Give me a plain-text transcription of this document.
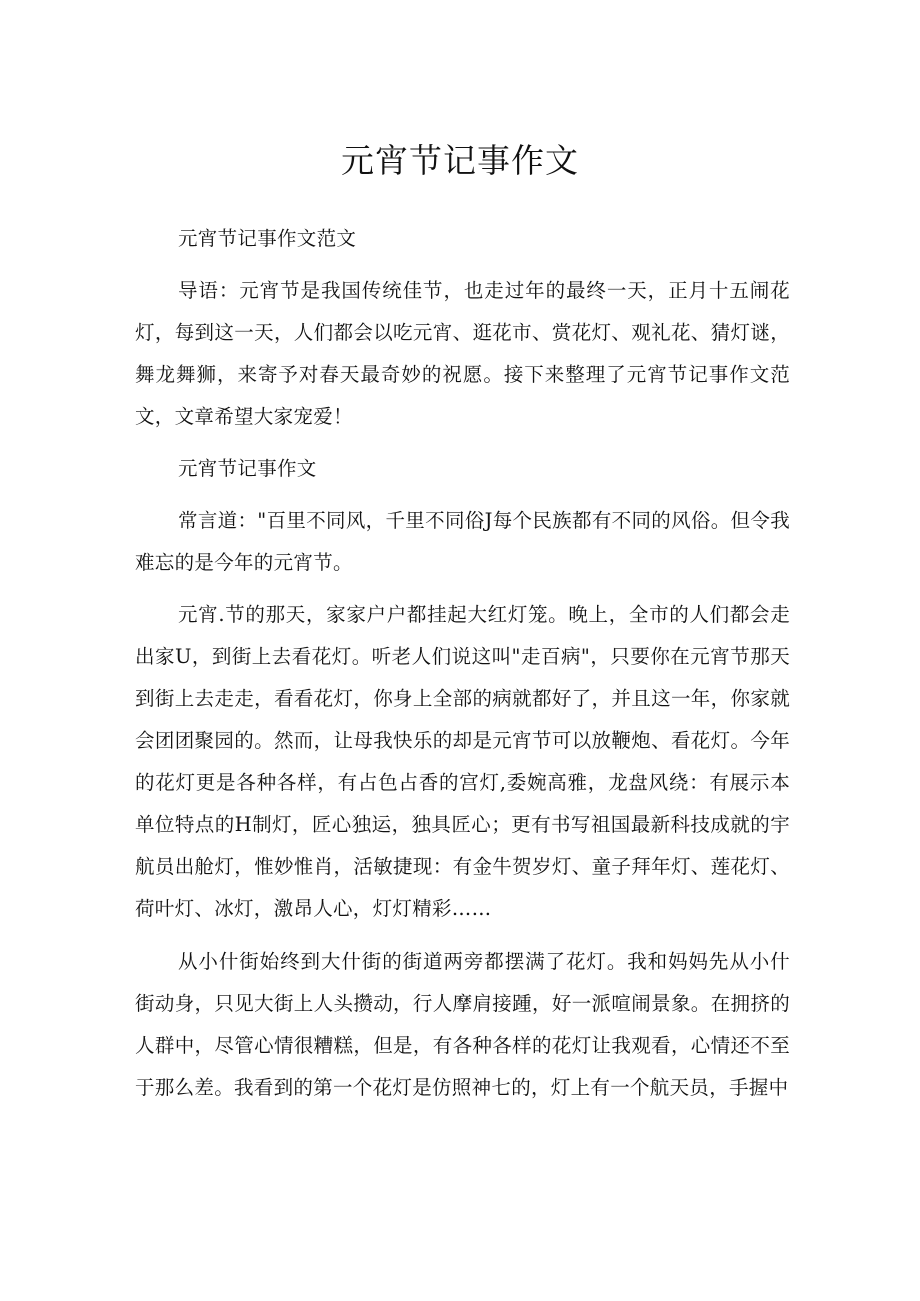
元宵节记事作文

元宵节记事作文范文

导语：元宵节是我国传统佳节，也走过年的最终一天，正月十五闹花灯，每到这一天，人们都会以吃元宵、逛花市、赏花灯、观礼花、猜灯谜，舞龙舞狮，来寄予对春天最奇妙的祝愿。接下来整理了元宵节记事作文范文，文章希望大家宠爱！

元宵节记事作文

常言道："百里不同风，千里不同俗J每个民族都有不同的风俗。但令我难忘的是今年的元宵节。

元宵.节的那天，家家户户都挂起大红灯笼。晚上，全市的人们都会走出家U，到街上去看花灯。听老人们说这叫"走百病"，只要你在元宵节那天到街上去走走，看看花灯，你身上全部的病就都好了，并且这一年，你家就会团团聚园的。然而，让母我快乐的却是元宵节可以放鞭炮、看花灯。今年的花灯更是各种各样，有占色占香的宫灯,委婉高雅，龙盘风绕：有展示本单位特点的H制灯，匠心独运，独具匠心；更有书写祖国最新科技成就的宇航员出舱灯，惟妙惟肖，活敏捷现：有金牛贺岁灯、童子拜年灯、莲花灯、荷叶灯、冰灯，激昂人心，灯灯精彩……

从小什街始终到大什街的街道两旁都摆满了花灯。我和妈妈先从小什街动身，只见大街上人头攒动，行人摩肩接踵，好一派喧闹景象。在拥挤的人群中，尽管心情很糟糕，但是，有各种各样的花灯让我观看，心情还不至于那么差。我看到的第一个花灯是仿照神七的，灯上有一个航天员，手握中
